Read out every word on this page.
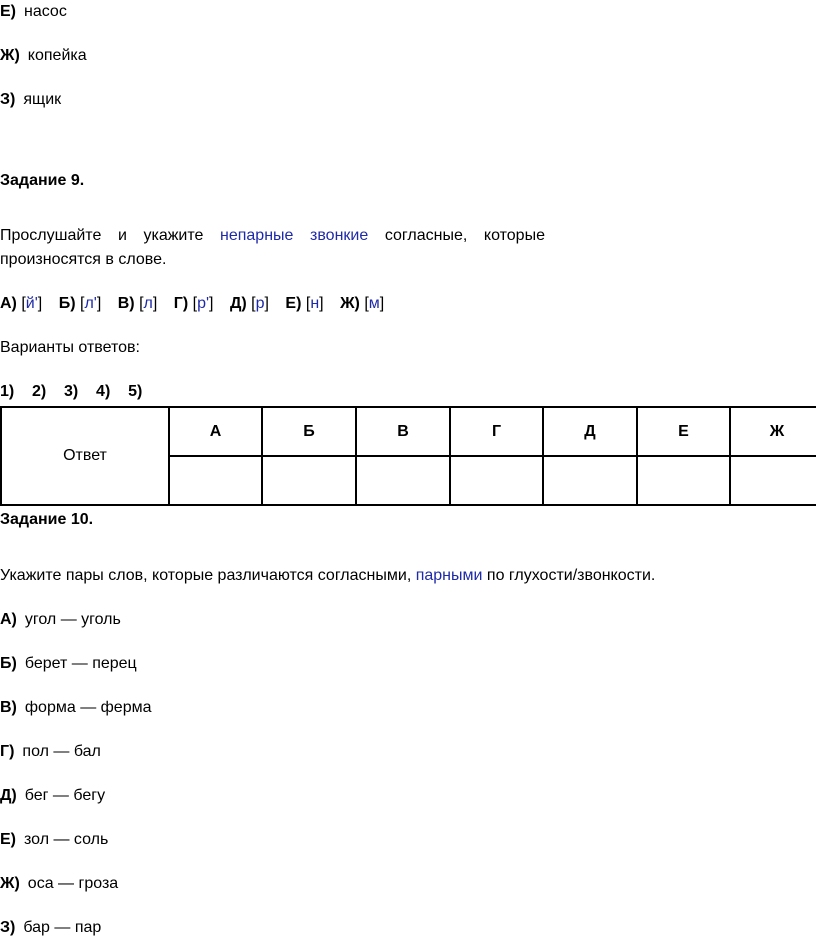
Е) насос
Ж) копейка
З) ящик
Задание 9.
Прослушайте и укажите непарные звонкие согласные, которые
произносятся в слове.
А) [й'] Б) [л'] В) [л] Г) [р'] Д) [р] Е) [н] Ж) [м]
Варианты ответов:
1) 2) 3) 4) 5)
Ответ	А	Б	В	Г	Д	Е	Ж

Задание 10.
Укажите пары слов, которые различаются согласными, парными по глухости/звонкости.
А) угол — уголь
Б) берет — перец
В) форма — ферма
Г) пол — бал
Д) бег — бегу
Е) зол — соль
Ж) оса — гроза
З) бар — пар
